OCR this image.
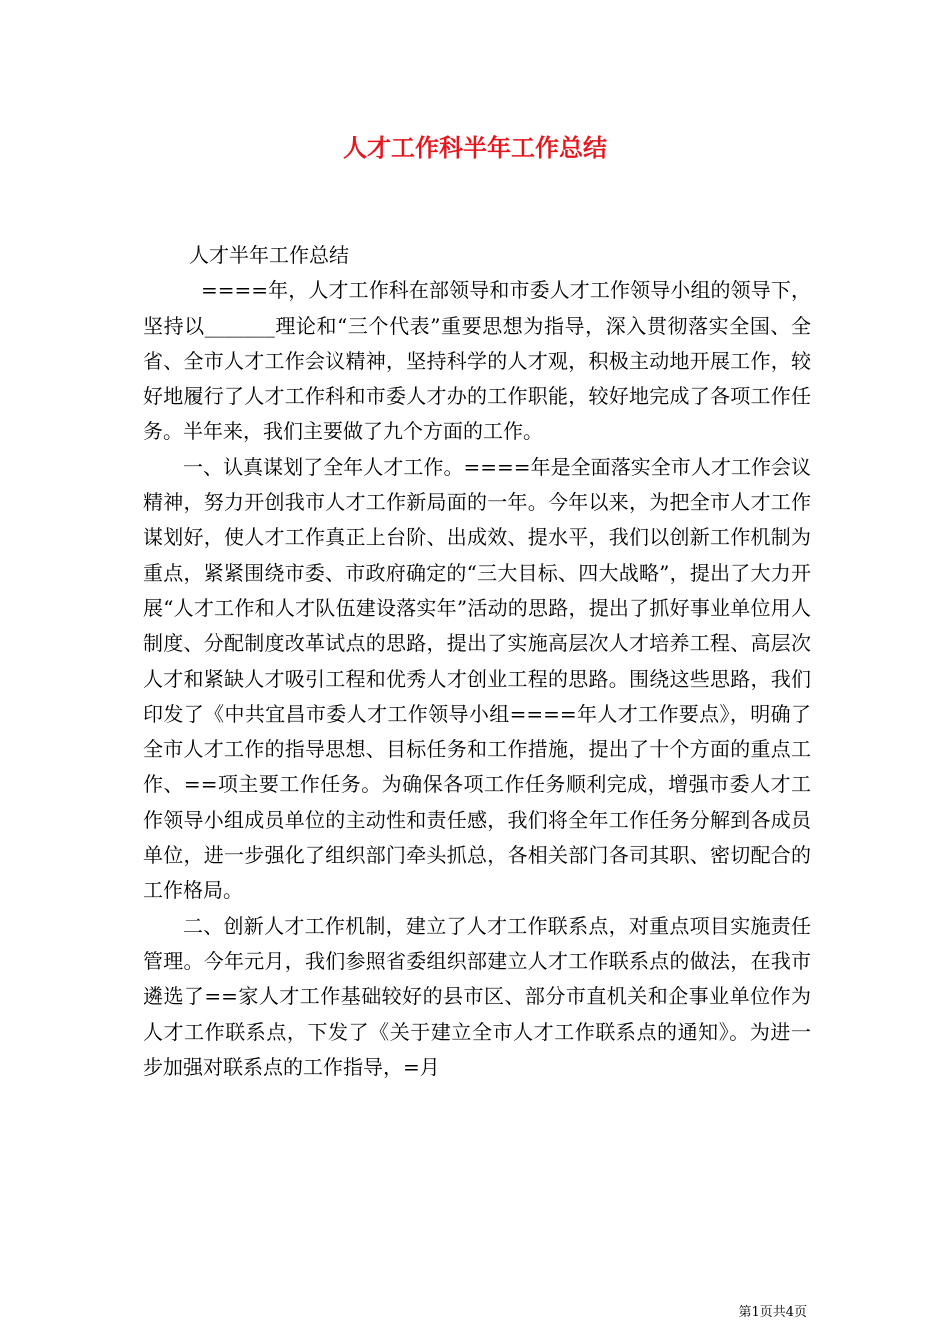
人才工作科半年工作总结

人才半年工作总结

====年，人才工作科在部领导和市委人才工作领导小组的领导下，坚持以_______理论和“三个代表”重要思想为指导，深入贯彻落实全国、全省、全市人才工作会议精神，坚持科学的人才观，积极主动地开展工作，较好地履行了人才工作科和市委人才办的工作职能，较好地完成了各项工作任务。半年来，我们主要做了九个方面的工作。

一、认真谋划了全年人才工作。====年是全面落实全市人才工作会议精神，努力开创我市人才工作新局面的一年。今年以来，为把全市人才工作谋划好，使人才工作真正上台阶、出成效、提水平，我们以创新工作机制为重点，紧紧围绕市委、市政府确定的“三大目标、四大战略”，提出了大力开展“人才工作和人才队伍建设落实年”活动的思路，提出了抓好事业单位用人制度、分配制度改革试点的思路，提出了实施高层次人才培养工程、高层次人才和紧缺人才吸引工程和优秀人才创业工程的思路。围绕这些思路，我们印发了《中共宜昌市委人才工作领导小组====年人才工作要点》，明确了全市人才工作的指导思想、目标任务和工作措施，提出了十个方面的重点工作、==项主要工作任务。为确保各项工作任务顺利完成，增强市委人才工作领导小组成员单位的主动性和责任感，我们将全年工作任务分解到各成员单位，进一步强化了组织部门牵头抓总，各相关部门各司其职、密切配合的工作格局。

二、创新人才工作机制，建立了人才工作联系点，对重点项目实施责任管理。今年元月，我们参照省委组织部建立人才工作联系点的做法，在我市遴选了==家人才工作基础较好的县市区、部分市直机关和企事业单位作为人才工作联系点，下发了《关于建立全市人才工作联系点的通知》。为进一步加强对联系点的工作指导，=月

第1页共4页
